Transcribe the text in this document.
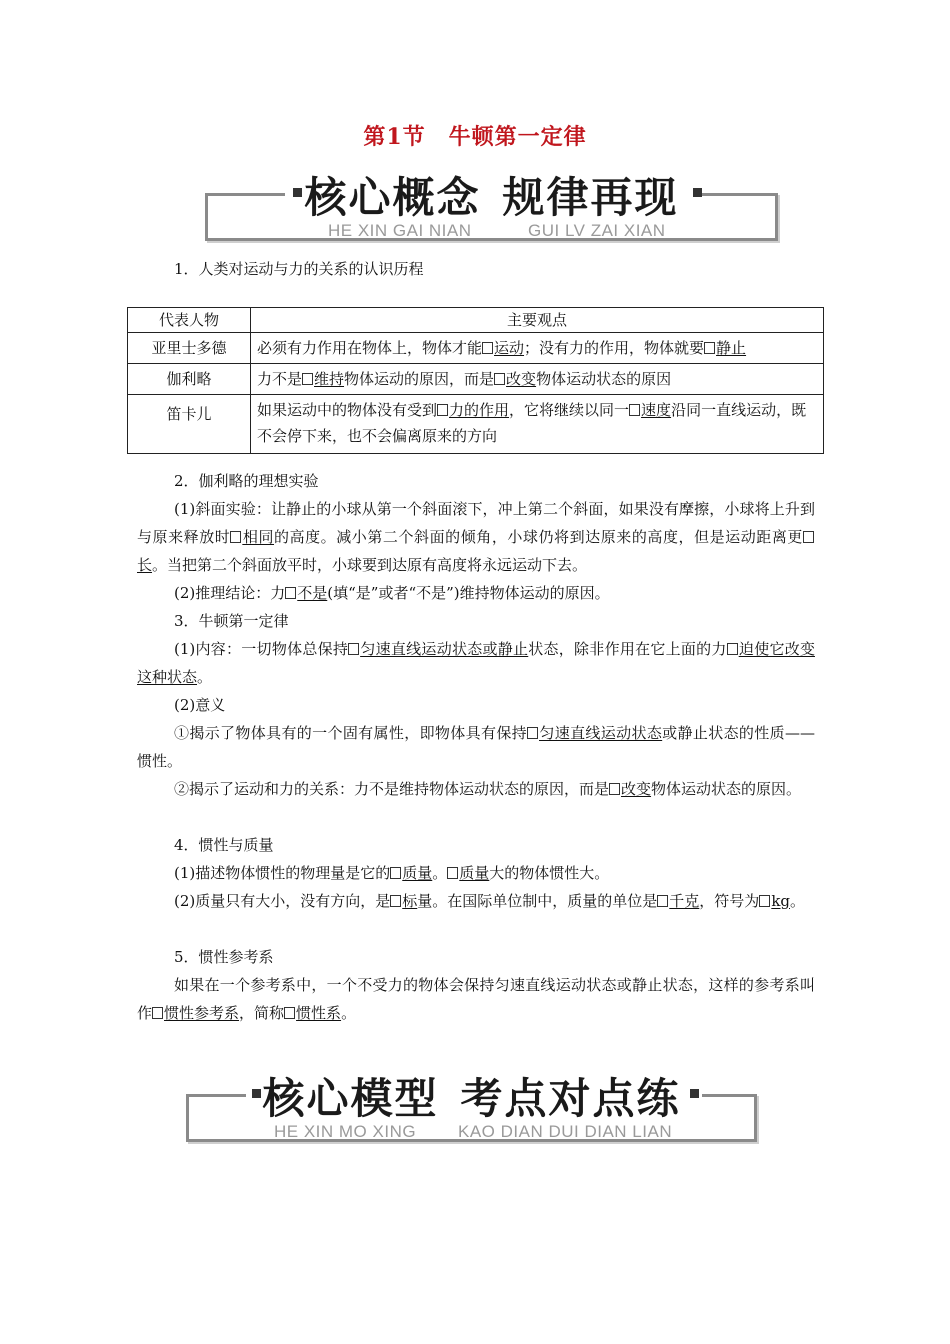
第1节　牛顿第一定律
核心概念 规律再现
HE XIN GAI NIAN	GUI LV ZAI XIAN
1．人类对运动与力的关系的认识历程
代表人物	主要观点
亚里士多德	必须有力作用在物体上，物体才能 运动；没有力的作用，物体就要 静止
伽利略	力不是 维持物体运动的原因，而是 改变物体运动状态的原因
笛卡儿	如果运动中的物体没有受到 力的作用，它将继续以同一 速度沿同一直线运动，既不会停下来，也不会偏离原来的方向
2．伽利略的理想实验
(1)斜面实验：让静止的小球从第一个斜面滚下，冲上第二个斜面，如果没有摩擦，小球将上升到与原来释放时 相同的高度。减小第二个斜面的倾角，小球仍将到达原来的高度，但是运动距离更长。当把第二个斜面放平时，小球要到达原有高度将永远运动下去。
(2)推理结论：力 不是(填“是”或者“不是”)维持物体运动的原因。
3．牛顿第一定律
(1)内容：一切物体总保持 匀速直线运动状态或静止状态，除非作用在它上面的力 迫使它改变这种状态。
(2)意义
①揭示了物体具有的一个固有属性，即物体具有保持 匀速直线运动状态或静止状态的性质——惯性。
②揭示了运动和力的关系：力不是维持物体运动状态的原因，而是 改变物体运动状态的原因。
4．惯性与质量
(1)描述物体惯性的物理量是它的 质量。 质量大的物体惯性大。
(2)质量只有大小，没有方向，是 标量。在国际单位制中，质量的单位是 千克，符号为 kg。
5．惯性参考系
如果在一个参考系中，一个不受力的物体会保持匀速直线运动状态或静止状态，这样的参考系叫作 惯性参考系，简称 惯性系。
核心模型 考点对点练
HE XIN MO XING KAO DIAN DUI DIAN LIAN
